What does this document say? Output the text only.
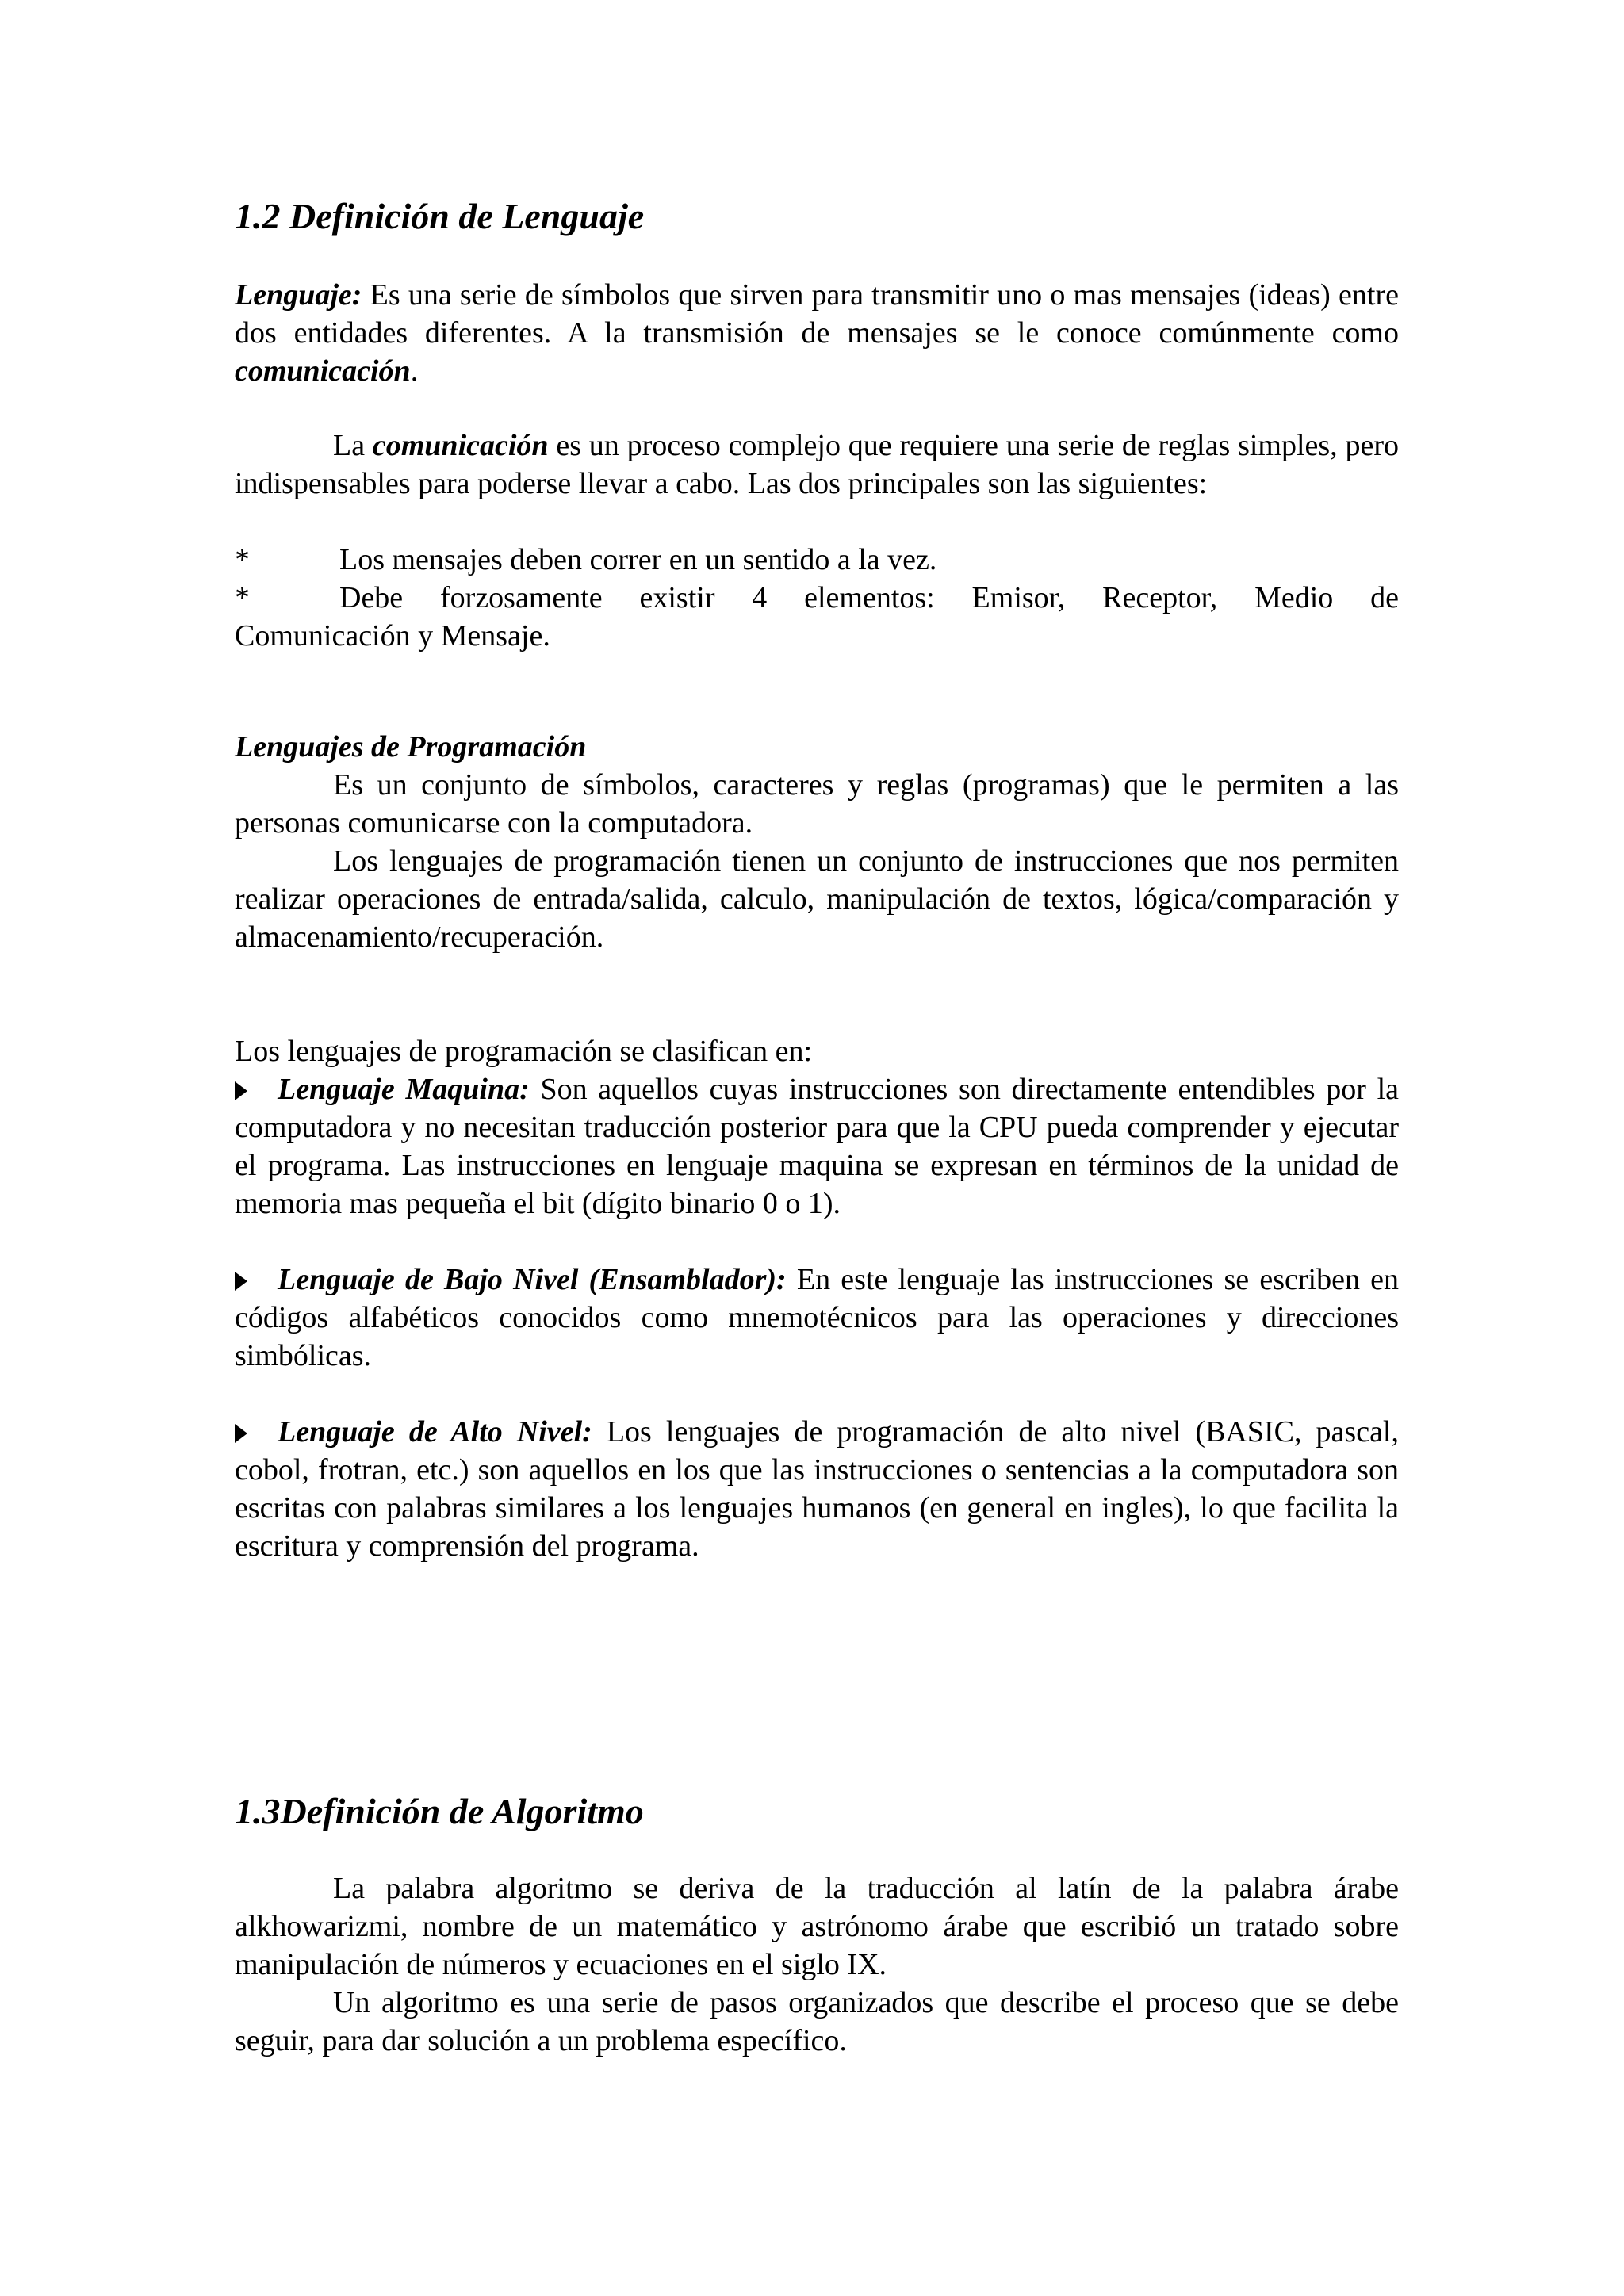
1.2 Definición de Lenguaje

Lenguaje: Es una serie de símbolos que sirven para transmitir uno o mas mensajes (ideas) entre dos entidades diferentes. A la transmisión de mensajes se le conoce comúnmente como comunicación.

La comunicación es un proceso complejo que requiere una serie de reglas simples, pero indispensables para poderse llevar a cabo. Las dos principales son las siguientes:

*	Los mensajes deben correr en un sentido a la vez.
*	Debe forzosamente existir 4 elementos: Emisor, Receptor, Medio de
Comunicación y Mensaje.
Lenguajes de Programación

Es un conjunto de símbolos, caracteres y reglas (programas) que le permiten a las personas comunicarse con la computadora.

Los lenguajes de programación tienen un conjunto de instrucciones que nos permiten realizar operaciones de entrada/salida, calculo, manipulación de textos, lógica/comparación y almacenamiento/recuperación.

Los lenguajes de programación se clasifican en:

Lenguaje Maquina: Son aquellos cuyas instrucciones son directamente entendibles por la computadora y no necesitan traducción posterior para que la CPU pueda comprender y ejecutar el programa. Las instrucciones en lenguaje maquina se expresan en términos de la unidad de memoria mas pequeña el bit (dígito binario 0 o 1).

Lenguaje de Bajo Nivel (Ensamblador): En este lenguaje las instrucciones se escriben en códigos alfabéticos conocidos como mnemotécnicos para las operaciones y direcciones simbólicas.

Lenguaje de Alto Nivel: Los lenguajes de programación de alto nivel (BASIC, pascal, cobol, frotran, etc.) son aquellos en los que las instrucciones o sentencias a la computadora son escritas con palabras similares a los lenguajes humanos (en general en ingles), lo que facilita la escritura y comprensión del programa.

1.3Definición de Algoritmo

La palabra algoritmo se deriva de la traducción al latín de la palabra árabe alkhowarizmi, nombre de un matemático y astrónomo árabe que escribió un tratado sobre manipulación de números y ecuaciones en el siglo IX.

Un algoritmo es una serie de pasos organizados que describe el proceso que se debe seguir, para dar solución a un problema específico.
